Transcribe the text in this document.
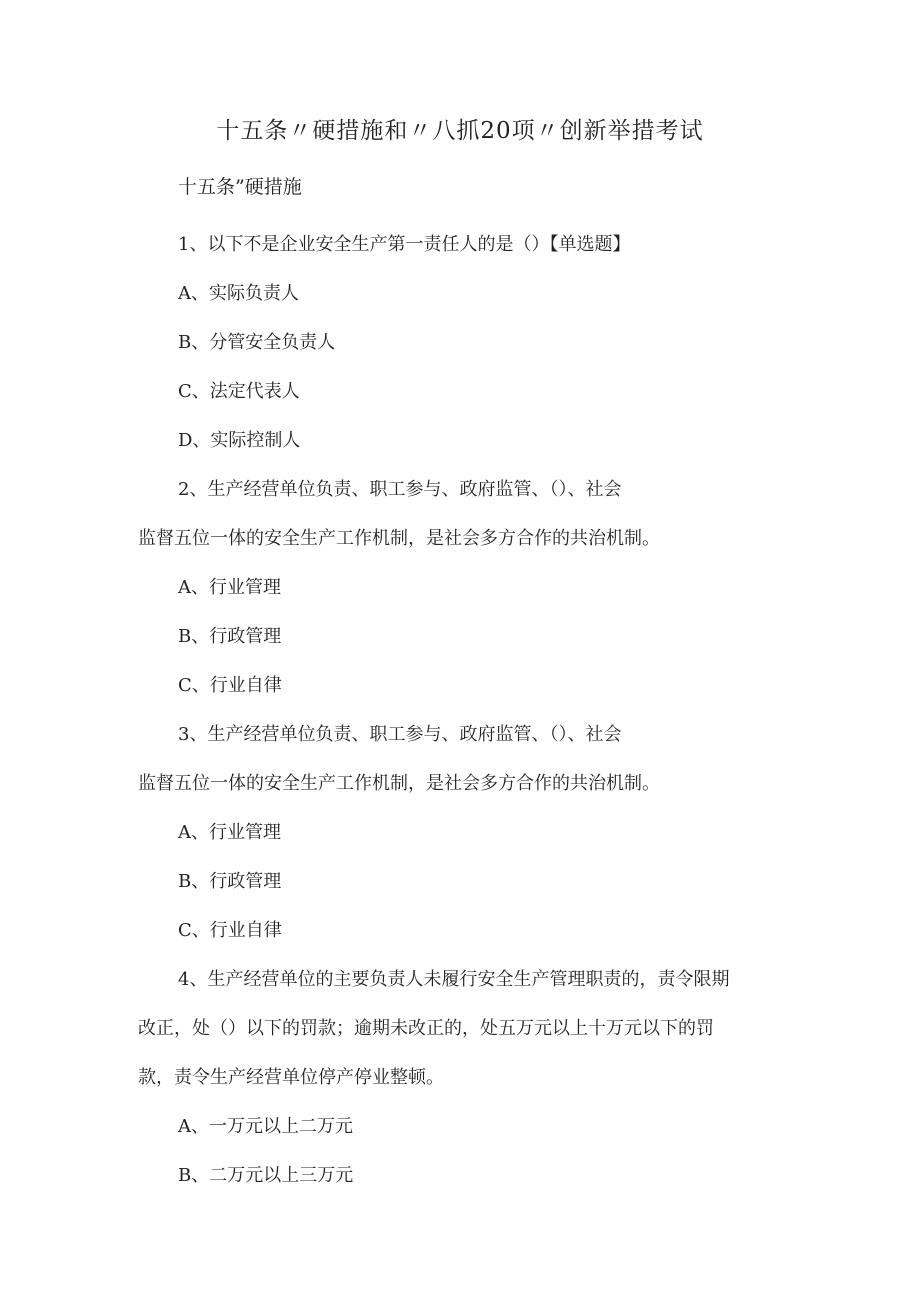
十五条〃硬措施和〃八抓20项〃创新举措考试
十五条”硬措施
1、以下不是企业安全生产第一责任人的是（）【单选题】
A、实际负责人
B、分管安全负责人
C、法定代表人
D、实际控制人
2、生产经营单位负责、职工参与、政府监管、（）、社会
监督五位一体的安全生产工作机制，是社会多方合作的共治机制。
A、行业管理
B、行政管理
C、行业自律
3、生产经营单位负责、职工参与、政府监管、（）、社会
监督五位一体的安全生产工作机制，是社会多方合作的共治机制。
A、行业管理
B、行政管理
C、行业自律
4、生产经营单位的主要负责人未履行安全生产管理职责的，责令限期
改正，处（）以下的罚款；逾期未改正的，处五万元以上十万元以下的罚
款，责令生产经营单位停产停业整顿。
A、一万元以上二万元
B、二万元以上三万元
